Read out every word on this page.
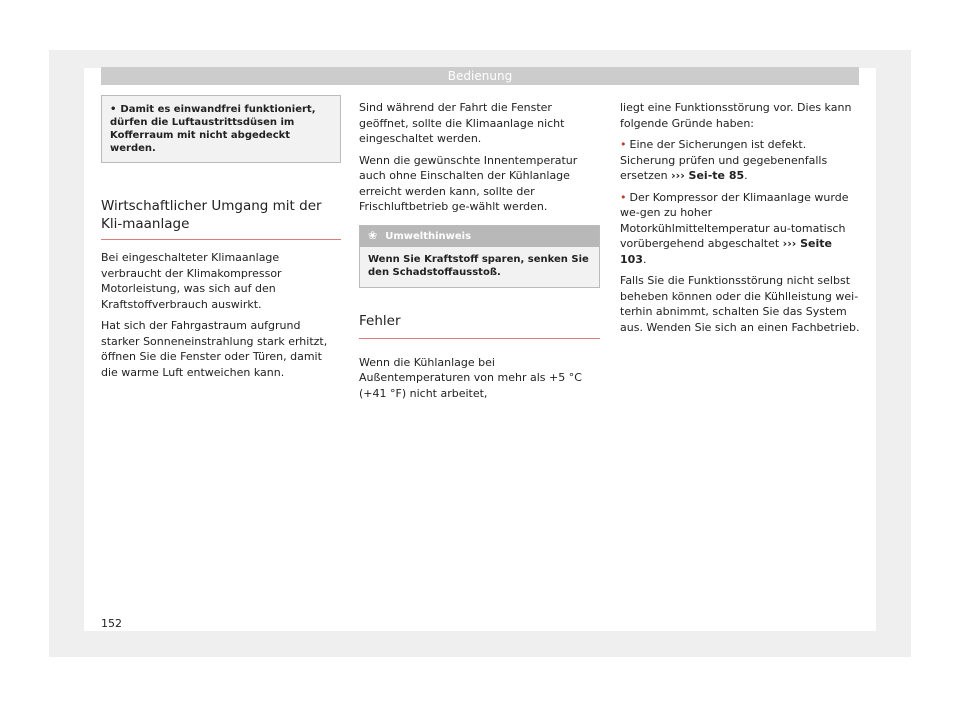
Bedienung
• Damit es einwandfrei funktioniert, dürfen die Luftaustrittsdüsen im Kofferraum mit nicht abgedeckt werden.
Wirtschaftlicher Umgang mit der Kli-maanlage

Bei eingeschalteter Klimaanlage verbraucht der Klimakompressor Motorleistung, was sich auf den Kraftstoffverbrauch auswirkt.

Hat sich der Fahrgastraum aufgrund starker Sonneneinstrahlung stark erhitzt, öffnen Sie die Fenster oder Türen, damit die warme Luft entweichen kann.

Sind während der Fahrt die Fenster geöffnet, sollte die Klimaanlage nicht eingeschaltet werden.

Wenn die gewünschte Innentemperatur auch ohne Einschalten der Kühlanlage erreicht werden kann, sollte der Frischluftbetrieb ge-wählt werden.

❀ Umwelthinweis
Wenn Sie Kraftstoff sparen, senken Sie den Schadstoffausstoß.
Fehler

Wenn die Kühlanlage bei Außentemperaturen von mehr als +5 °C (+41 °F) nicht arbeitet,

liegt eine Funktionsstörung vor. Dies kann folgende Gründe haben:

• Eine der Sicherungen ist defekt. Sicherung prüfen und gegebenenfalls ersetzen ››› Sei-te 85.

• Der Kompressor der Klimaanlage wurde we-gen zu hoher Motorkühlmitteltemperatur au-tomatisch vorübergehend abgeschaltet ››› Seite 103.

Falls Sie die Funktionsstörung nicht selbst beheben können oder die Kühlleistung wei-terhin abnimmt, schalten Sie das System aus. Wenden Sie sich an einen Fachbetrieb.

152
